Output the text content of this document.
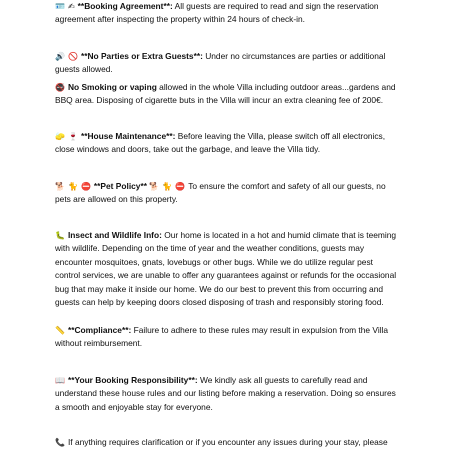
🪪 ✍ **Booking Agreement**: All guests are required to read and sign the reservation agreement after inspecting the property within 24 hours of check-in.
🔊 🚫 **No Parties or Extra Guests**: Under no circumstances are parties or additional guests allowed.
🚭 No Smoking or vaping allowed in the whole Villa including outdoor areas...gardens and BBQ area. Disposing of cigarette buts in the Villa will incur an extra cleaning fee of 200€.
🧽 🍷 **House Maintenance**: Before leaving the Villa, please switch off all electronics, close windows and doors, take out the garbage, and leave the Villa tidy.
🐕 🐈 ⛔ **Pet Policy** 🐕 🐈 ⛔ To ensure the comfort and safety of all our guests, no pets are allowed on this property.
🐛 Insect and Wildlife Info: Our home is located in a hot and humid climate that is teeming with wildlife. Depending on the time of year and the weather conditions, guests may encounter mosquitoes, gnats, lovebugs or other bugs. While we do utilize regular pest control services, we are unable to offer any guarantees against or refunds for the occasional bug that may make it inside our home. We do our best to prevent this from occurring and guests can help by keeping doors closed disposing of trash and responsibly storing food.
📏 **Compliance**: Failure to adhere to these rules may result in expulsion from the Villa without reimbursement.
📖 **Your Booking Responsibility**: We kindly ask all guests to carefully read and understand these house rules and our listing before making a reservation. Doing so ensures a smooth and enjoyable stay for everyone.
📞 If anything requires clarification or if you encounter any issues during your stay, please
